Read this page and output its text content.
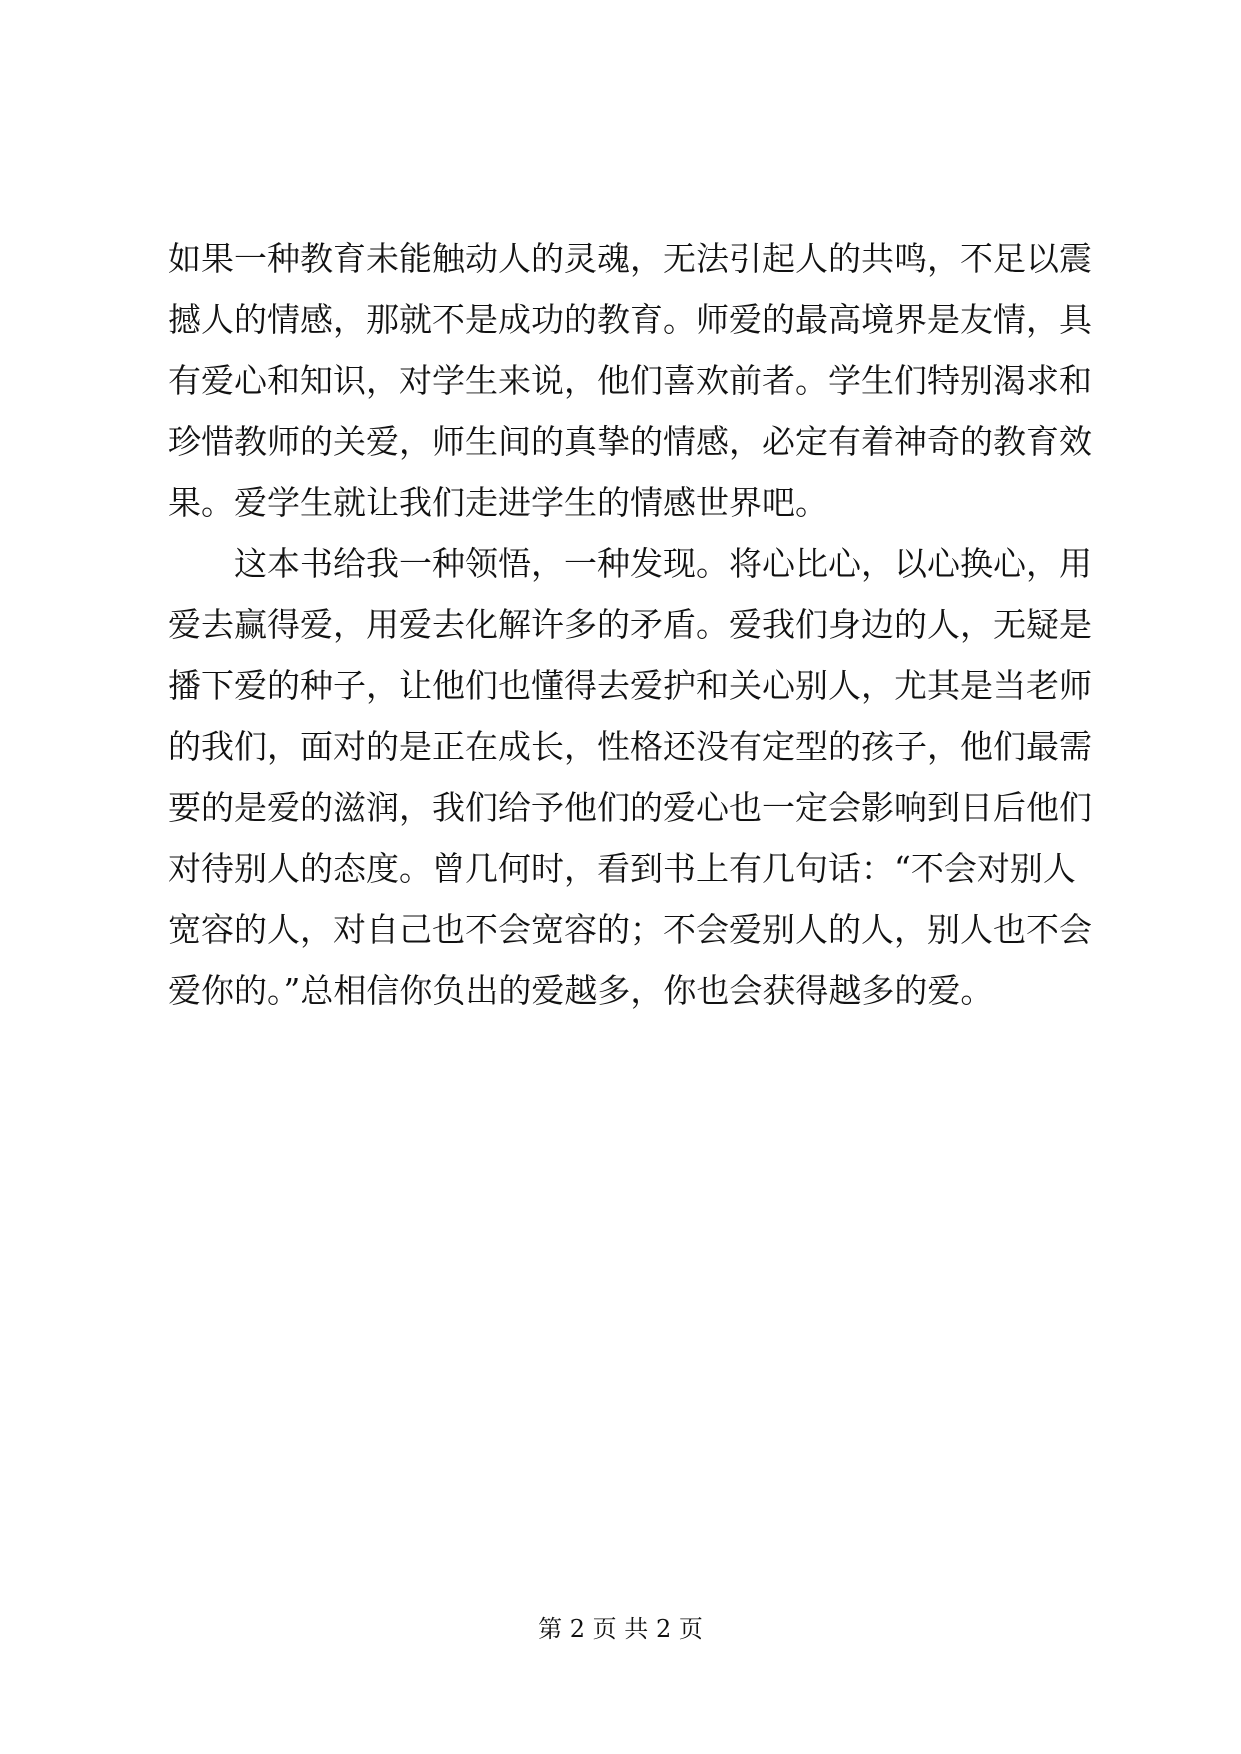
如果一种教育未能触动人的灵魂，无法引起人的共鸣，不足以震
撼人的情感，那就不是成功的教育。师爱的最高境界是友情，具
有爱心和知识，对学生来说，他们喜欢前者。学生们特别渴求和
珍惜教师的关爱，师生间的真挚的情感，必定有着神奇的教育效
果。爱学生就让我们走进学生的情感世界吧。
这本书给我一种领悟，一种发现。将心比心，以心换心，用
爱去赢得爱，用爱去化解许多的矛盾。爱我们身边的人，无疑是
播下爱的种子，让他们也懂得去爱护和关心别人，尤其是当老师
的我们，面对的是正在成长，性格还没有定型的孩子，他们最需
要的是爱的滋润，我们给予他们的爱心也一定会影响到日后他们
对待别人的态度。曾几何时，看到书上有几句话：“不会对别人
宽容的人，对自己也不会宽容的；不会爱别人的人，别人也不会
爱你的。”总相信你负出的爱越多，你也会获得越多的爱。
第 2 页 共 2 页
